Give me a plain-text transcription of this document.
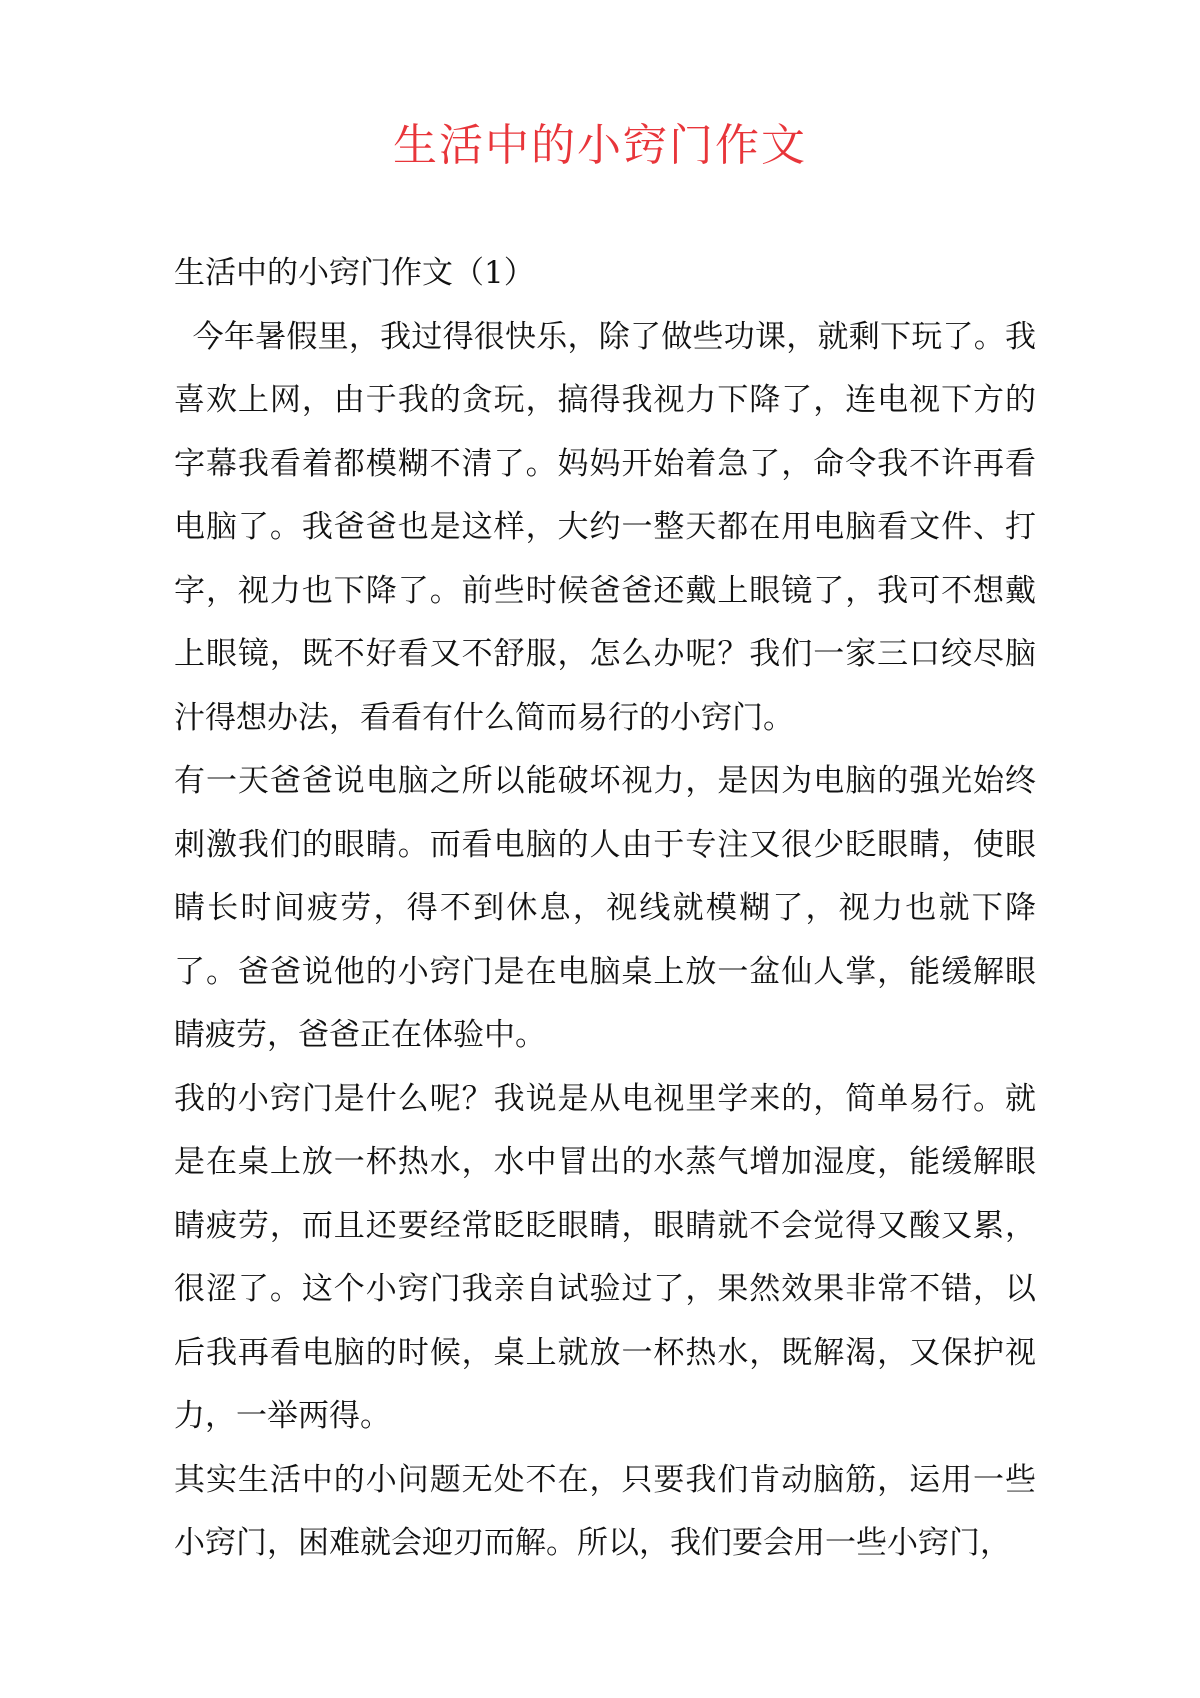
生活中的小窍门作文

生活中的小窍门作文（1）

今年暑假里，我过得很快乐，除了做些功课，就剩下玩了。我喜欢上网，由于我的贪玩，搞得我视力下降了，连电视下方的字幕我看着都模糊不清了。妈妈开始着急了，命令我不许再看电脑了。我爸爸也是这样，大约一整天都在用电脑看文件、打字，视力也下降了。前些时候爸爸还戴上眼镜了，我可不想戴上眼镜，既不好看又不舒服，怎么办呢？我们一家三口绞尽脑汁得想办法，看看有什么简而易行的小窍门。

有一天爸爸说电脑之所以能破坏视力，是因为电脑的强光始终刺激我们的眼睛。而看电脑的人由于专注又很少眨眼睛，使眼睛长时间疲劳，得不到休息，视线就模糊了，视力也就下降了。爸爸说他的小窍门是在电脑桌上放一盆仙人掌，能缓解眼睛疲劳，爸爸正在体验中。

我的小窍门是什么呢？我说是从电视里学来的，简单易行。就是在桌上放一杯热水，水中冒出的水蒸气增加湿度，能缓解眼睛疲劳，而且还要经常眨眨眼睛，眼睛就不会觉得又酸又累，很涩了。这个小窍门我亲自试验过了，果然效果非常不错，以后我再看电脑的时候，桌上就放一杯热水，既解渴，又保护视力，一举两得。

其实生活中的小问题无处不在，只要我们肯动脑筋，运用一些小窍门，困难就会迎刃而解。所以，我们要会用一些小窍门，
